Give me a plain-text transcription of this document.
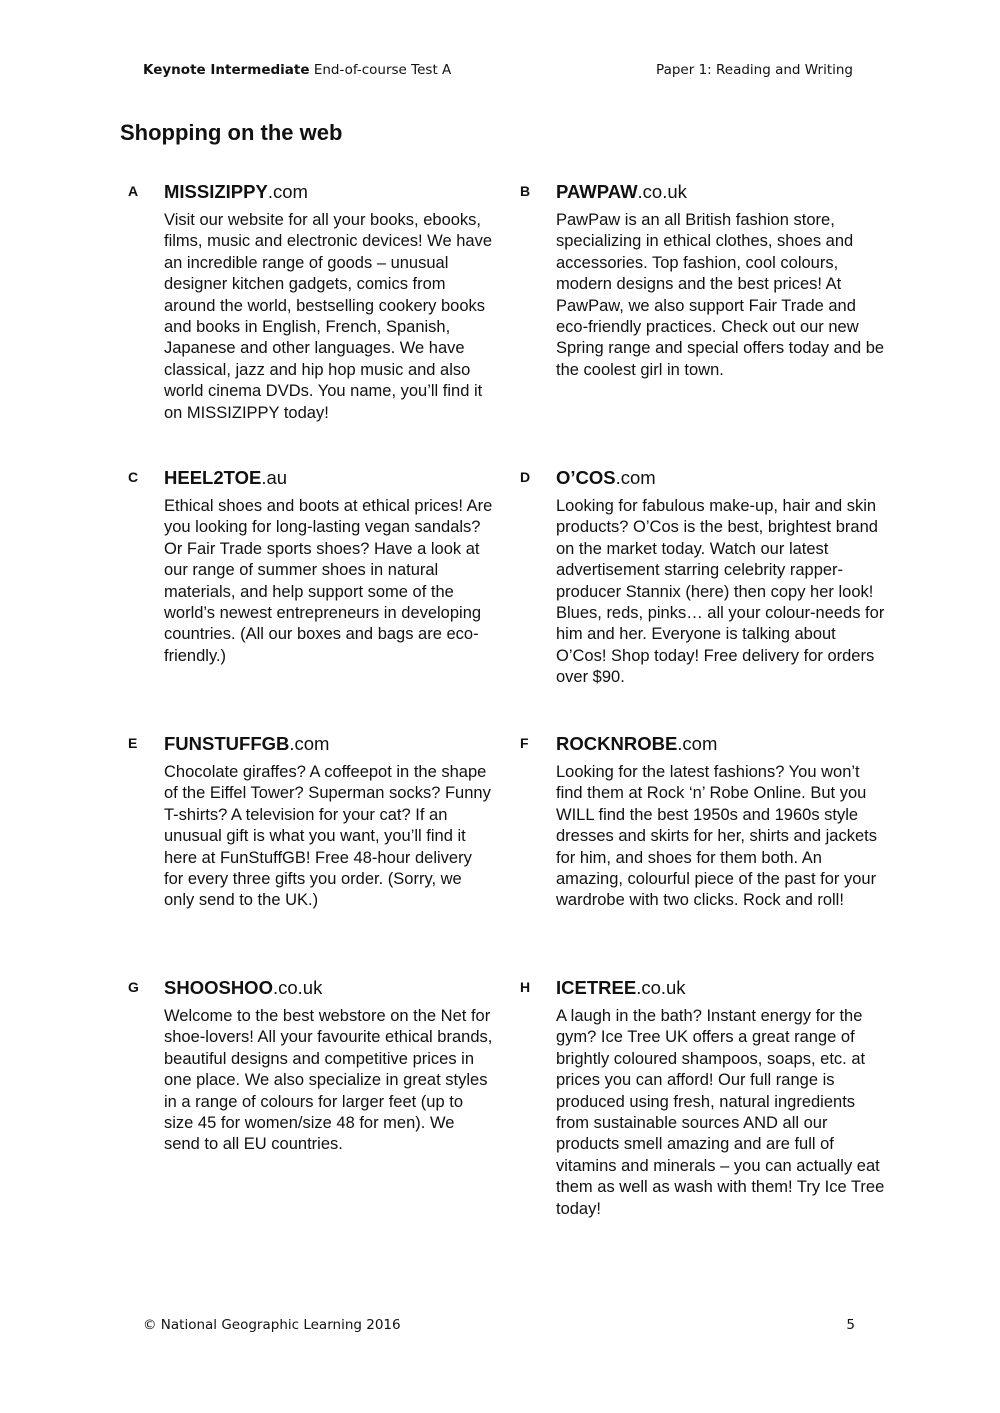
Keynote Intermediate End-of-course Test A	Paper 1: Reading and Writing
Shopping on the web
A MISSIZIPPY.com

Visit our website for all your books, ebooks, films, music and electronic devices! We have an incredible range of goods – unusual designer kitchen gadgets, comics from around the world, bestselling cookery books and books in English, French, Spanish, Japanese and other languages. We have classical, jazz and hip hop music and also world cinema DVDs. You name, you’ll find it on MISSIZIPPY today!

B PAWPAW.co.uk

PawPaw is an all British fashion store, specializing in ethical clothes, shoes and accessories. Top fashion, cool colours, modern designs and the best prices! At PawPaw, we also support Fair Trade and eco-friendly practices. Check out our new Spring range and special offers today and be the coolest girl in town.

C HEEL2TOE.au

Ethical shoes and boots at ethical prices! Are you looking for long-lasting vegan sandals? Or Fair Trade sports shoes? Have a look at our range of summer shoes in natural materials, and help support some of the world’s newest entrepreneurs in developing countries. (All our boxes and bags are eco-friendly.)

D O’COS.com

Looking for fabulous make-up, hair and skin products? O’Cos is the best, brightest brand on the market today. Watch our latest advertisement starring celebrity rapper-producer Stannix (here) then copy her look! Blues, reds, pinks… all your colour-needs for him and her. Everyone is talking about O’Cos! Shop today! Free delivery for orders over $90.

E FUNSTUFFGB.com

Chocolate giraffes? A coffeepot in the shape of the Eiffel Tower? Superman socks? Funny T-shirts? A television for your cat? If an unusual gift is what you want, you’ll find it here at FunStuffGB! Free 48-hour delivery for every three gifts you order. (Sorry, we only send to the UK.)

F ROCKNROBE.com

Looking for the latest fashions? You won’t find them at Rock ‘n’ Robe Online. But you WILL find the best 1950s and 1960s style dresses and skirts for her, shirts and jackets for him, and shoes for them both. An amazing, colourful piece of the past for your wardrobe with two clicks. Rock and roll!

G SHOOSHOO.co.uk

Welcome to the best webstore on the Net for shoe-lovers! All your favourite ethical brands, beautiful designs and competitive prices in one place. We also specialize in great styles in a range of colours for larger feet (up to size 45 for women/size 48 for men). We send to all EU countries.

H ICETREE.co.uk

A laugh in the bath? Instant energy for the gym? Ice Tree UK offers a great range of brightly coloured shampoos, soaps, etc. at prices you can afford! Our full range is produced using fresh, natural ingredients from sustainable sources AND all our products smell amazing and are full of vitamins and minerals – you can actually eat them as well as wash with them! Try Ice Tree today!

© National Geographic Learning 2016	5
